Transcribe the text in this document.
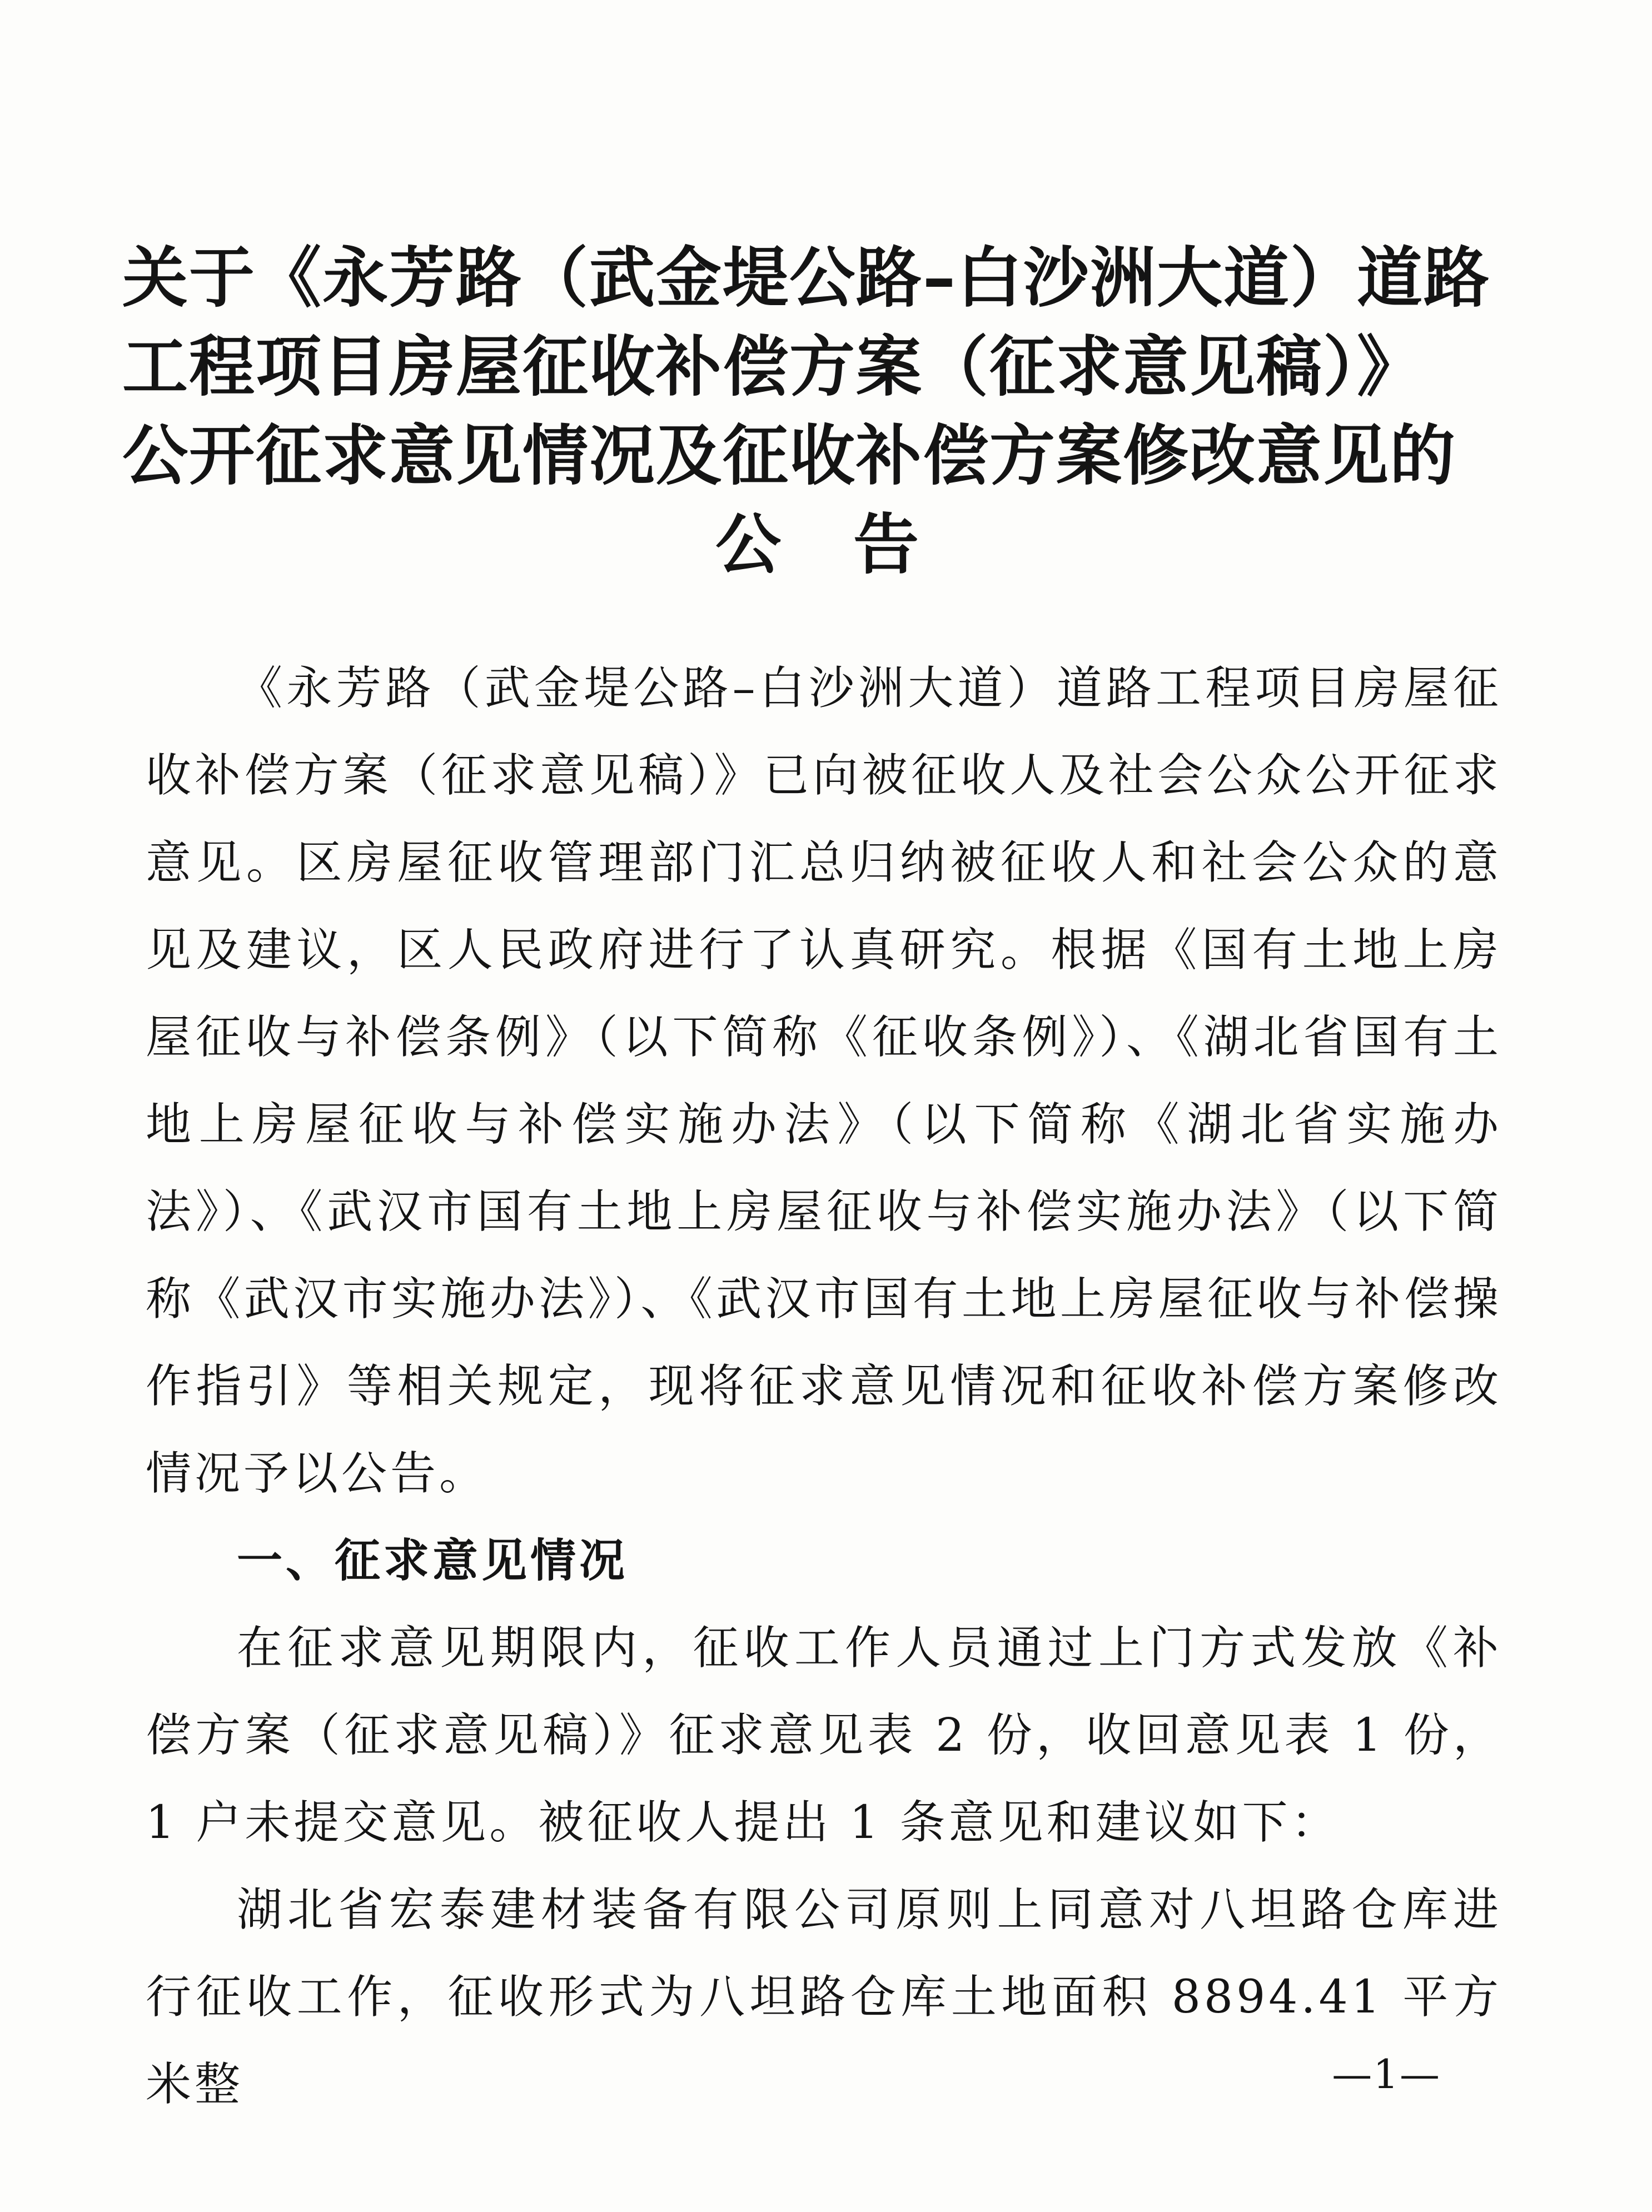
关于《永芳路（武金堤公路–白沙洲大道）道路
工程项目房屋征收补偿方案（征求意见稿）》
公开征求意见情况及征收补偿方案修改意见的
公告

《永芳路（武金堤公路–白沙洲大道）道路工程项目房屋征收补偿方案（征求意见稿）》已向被征收人及社会公众公开征求意见。区房屋征收管理部门汇总归纳被征收人和社会公众的意见及建议，区人民政府进行了认真研究。根据《国有土地上房屋征收与补偿条例》（以下简称《征收条例》）、《湖北省国有土地上房屋征收与补偿实施办法》（以下简称《湖北省实施办法》）、《武汉市国有土地上房屋征收与补偿实施办法》（以下简称《武汉市实施办法》）、《武汉市国有土地上房屋征收与补偿操作指引》等相关规定，现将征求意见情况和征收补偿方案修改情况予以公告。

一、征求意见情况

在征求意见期限内，征收工作人员通过上门方式发放《补偿方案（征求意见稿）》征求意见表 2 份，收回意见表 1 份，1 户未提交意见。被征收人提出 1 条意见和建议如下：

湖北省宏泰建材装备有限公司原则上同意对八坦路仓库进行征收工作，征收形式为八坦路仓库土地面积 8894.41 平方米整	—1—
